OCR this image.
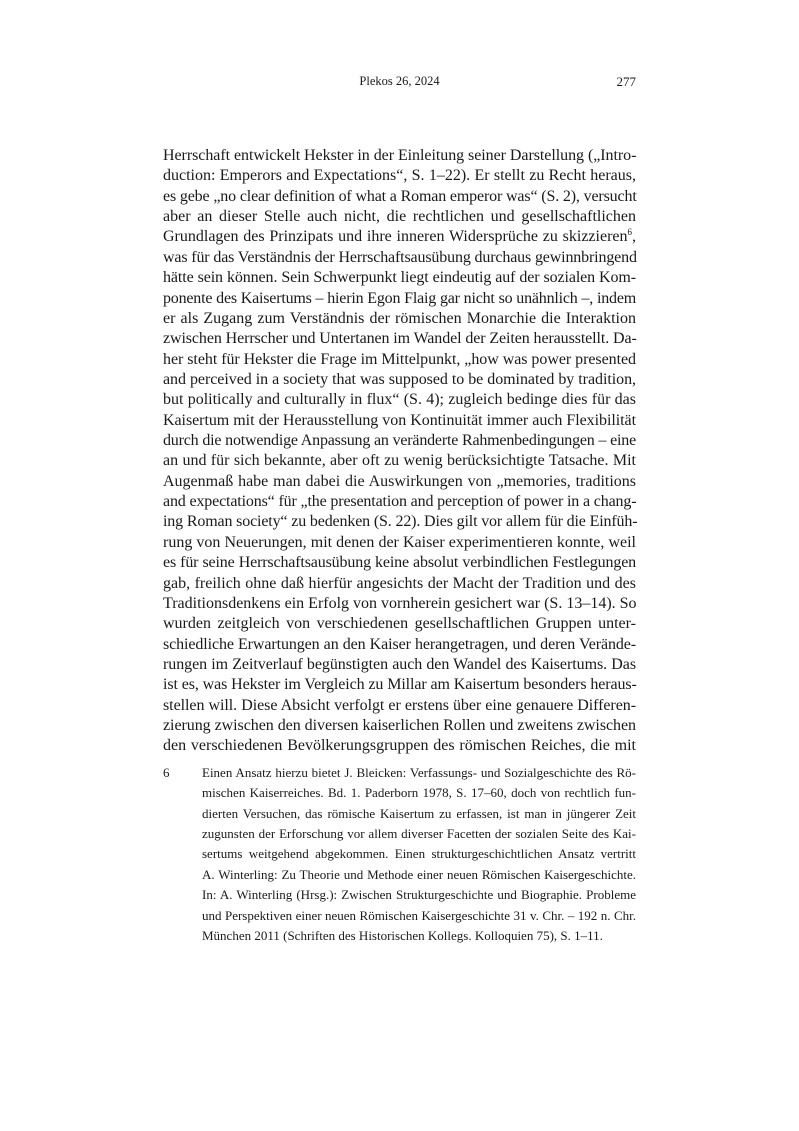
Plekos 26, 2024	277
Herrschaft entwickelt Hekster in der Einleitung seiner Darstellung („Intro-
duction: Emperors and Expectations“, S. 1–22). Er stellt zu Recht heraus,
es gebe „no clear definition of what a Roman emperor was“ (S. 2), versucht
aber an dieser Stelle auch nicht, die rechtlichen und gesellschaftlichen
Grundlagen des Prinzipats und ihre inneren Widersprüche zu skizzieren$^6$,
was für das Verständnis der Herrschaftsausübung durchaus gewinnbringend
hätte sein können. Sein Schwerpunkt liegt eindeutig auf der sozialen Kom-
ponente des Kaisertums – hierin Egon Flaig gar nicht so unähnlich –, indem
er als Zugang zum Verständnis der römischen Monarchie die Interaktion
zwischen Herrscher und Untertanen im Wandel der Zeiten herausstellt. Da-
her steht für Hekster die Frage im Mittelpunkt, „how was power presented
and perceived in a society that was supposed to be dominated by tradition,
but politically and culturally in flux“ (S. 4); zugleich bedinge dies für das
Kaisertum mit der Herausstellung von Kontinuität immer auch Flexibilität
durch die notwendige Anpassung an veränderte Rahmenbedingungen – eine
an und für sich bekannte, aber oft zu wenig berücksichtigte Tatsache. Mit
Augenmaß habe man dabei die Auswirkungen von „memories, traditions
and expectations“ für „the presentation and perception of power in a chang-
ing Roman society“ zu bedenken (S. 22). Dies gilt vor allem für die Einfüh-
rung von Neuerungen, mit denen der Kaiser experimentieren konnte, weil
es für seine Herrschaftsausübung keine absolut verbindlichen Festlegungen
gab, freilich ohne daß hierfür angesichts der Macht der Tradition und des
Traditionsdenkens ein Erfolg von vornherein gesichert war (S. 13–14). So
wurden zeitgleich von verschiedenen gesellschaftlichen Gruppen unter-
schiedliche Erwartungen an den Kaiser herangetragen, und deren Verände-
rungen im Zeitverlauf begünstigten auch den Wandel des Kaisertums. Das
ist es, was Hekster im Vergleich zu Millar am Kaisertum besonders heraus-
stellen will. Diese Absicht verfolgt er erstens über eine genauere Differen-
zierung zwischen den diversen kaiserlichen Rollen und zweitens zwischen
den verschiedenen Bevölkerungsgruppen des römischen Reiches, die mit
6	Einen Ansatz hierzu bietet J. Bleicken: Verfassungs- und Sozialgeschichte des Rö-
mischen Kaiserreiches. Bd. 1. Paderborn 1978, S. 17–60, doch von rechtlich fun-
dierten Versuchen, das römische Kaisertum zu erfassen, ist man in jüngerer Zeit
zugunsten der Erforschung vor allem diverser Facetten der sozialen Seite des Kai-
sertums weitgehend abgekommen. Einen strukturgeschichtlichen Ansatz vertritt
A. Winterling: Zu Theorie und Methode einer neuen Römischen Kaisergeschichte.
In: A. Winterling (Hrsg.): Zwischen Strukturgeschichte und Biographie. Probleme
und Perspektiven einer neuen Römischen Kaisergeschichte 31 v. Chr. – 192 n. Chr.
München 2011 (Schriften des Historischen Kollegs. Kolloquien 75), S. 1–11.
